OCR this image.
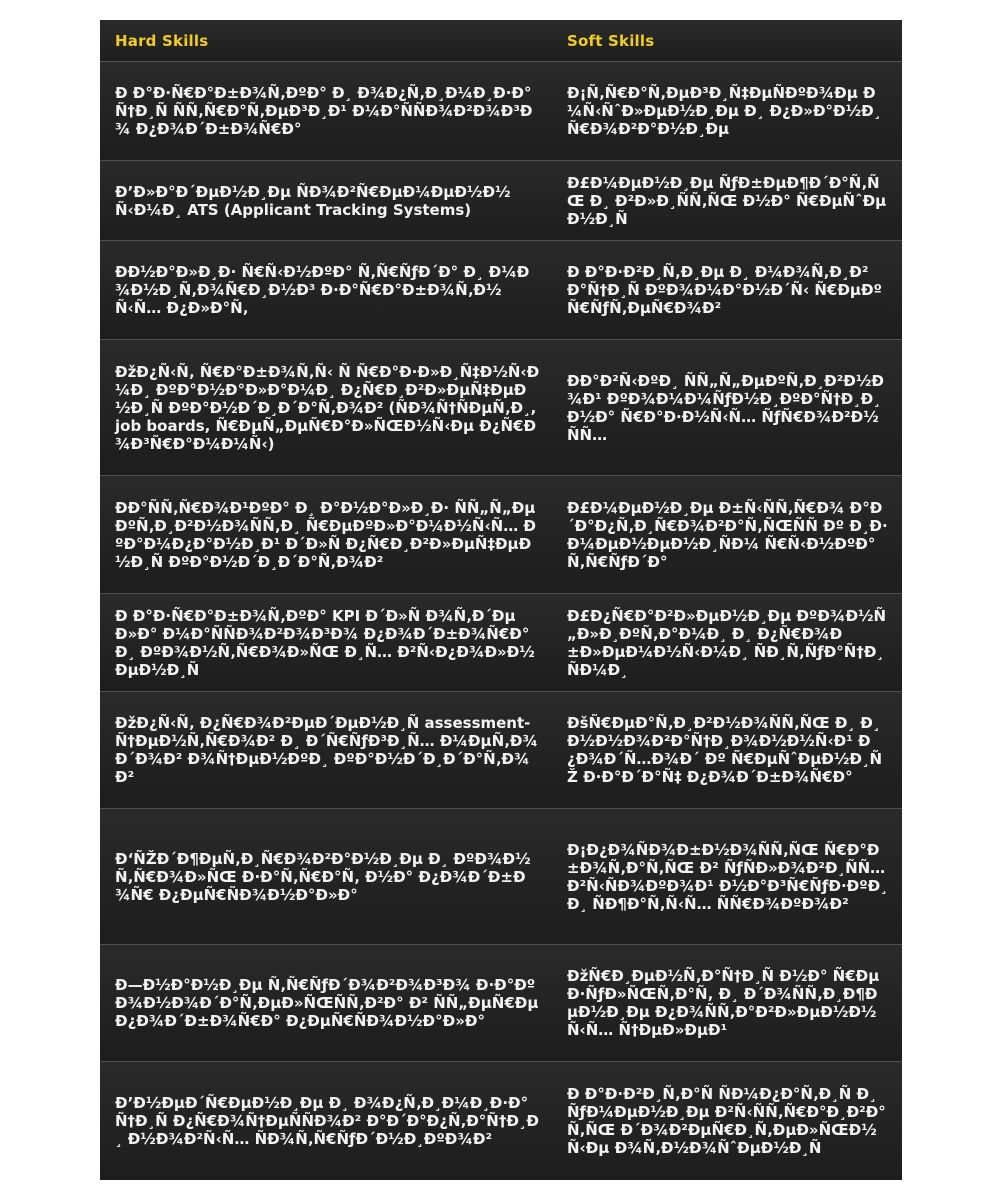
Hard Skills	Soft Skills
Ð Ð°Ð·Ñ€Ð°Ð±Ð¾Ñ‚ÐºÐ° Ð¸ Ð¾Ð¿Ñ‚Ð¸Ð¼Ð¸Ð·Ð°Ñ†Ð¸Ñ ÑÑ‚Ñ€Ð°Ñ‚ÐµÐ³Ð¸Ð¹ Ð¼Ð°ÑÑÐ¾Ð²Ð¾Ð³Ð¾ Ð¿Ð¾Ð´Ð±Ð¾Ñ€Ð°
Ð¡Ñ‚Ñ€Ð°Ñ‚ÐµÐ³Ð¸Ñ‡ÐµÑÐºÐ¾Ðµ Ð¼Ñ‹ÑˆÐ»ÐµÐ½Ð¸Ðµ Ð¸ Ð¿Ð»Ð°Ð½Ð¸Ñ€Ð¾Ð²Ð°Ð½Ð¸Ðµ
Ð’Ð»Ð°Ð´ÐµÐ½Ð¸Ðµ ÑÐ¾Ð²Ñ€ÐµÐ¼ÐµÐ½Ð½Ñ‹Ð¼Ð¸ ATS (Applicant Tracking Systems)
Ð£Ð¼ÐµÐ½Ð¸Ðµ ÑƒÐ±ÐµÐ¶Ð´Ð°Ñ‚ÑŒ Ð¸ Ð²Ð»Ð¸ÑÑ‚ÑŒ Ð½Ð° Ñ€ÐµÑˆÐµÐ½Ð¸Ñ
ÐÐ½Ð°Ð»Ð¸Ð· Ñ€Ñ‹Ð½ÐºÐ° Ñ‚Ñ€ÑƒÐ´Ð° Ð¸ Ð¼Ð¾Ð½Ð¸Ñ‚Ð¾Ñ€Ð¸Ð½Ð³ Ð·Ð°Ñ€Ð°Ð±Ð¾Ñ‚Ð½Ñ‹Ñ… Ð¿Ð»Ð°Ñ‚
Ð Ð°Ð·Ð²Ð¸Ñ‚Ð¸Ðµ Ð¸ Ð¼Ð¾Ñ‚Ð¸Ð²Ð°Ñ†Ð¸Ñ ÐºÐ¾Ð¼Ð°Ð½Ð´Ñ‹ Ñ€ÐµÐºÑ€ÑƒÑ‚ÐµÑ€Ð¾Ð²
ÐžÐ¿Ñ‹Ñ‚ Ñ€Ð°Ð±Ð¾Ñ‚Ñ‹ Ñ Ñ€Ð°Ð·Ð»Ð¸Ñ‡Ð½Ñ‹Ð¼Ð¸ ÐºÐ°Ð½Ð°Ð»Ð°Ð¼Ð¸ Ð¿Ñ€Ð¸Ð²Ð»ÐµÑ‡ÐµÐ½Ð¸Ñ ÐºÐ°Ð½Ð´Ð¸Ð´Ð°Ñ‚Ð¾Ð² (ÑÐ¾Ñ†ÑÐµÑ‚Ð¸, job boards, Ñ€ÐµÑ„ÐµÑ€Ð°Ð»ÑŒÐ½Ñ‹Ðµ Ð¿Ñ€Ð¾Ð³Ñ€Ð°Ð¼Ð¼Ñ‹)
ÐÐ°Ð²Ñ‹ÐºÐ¸ ÑÑ„Ñ„ÐµÐºÑ‚Ð¸Ð²Ð½Ð¾Ð¹ ÐºÐ¾Ð¼Ð¼ÑƒÐ½Ð¸ÐºÐ°Ñ†Ð¸Ð¸ Ð½Ð° Ñ€Ð°Ð·Ð½Ñ‹Ñ… ÑƒÑ€Ð¾Ð²Ð½ÑÑ…
ÐÐ°ÑÑ‚Ñ€Ð¾Ð¹ÐºÐ° Ð¸ Ð°Ð½Ð°Ð»Ð¸Ð· ÑÑ„Ñ„ÐµÐºÑ‚Ð¸Ð²Ð½Ð¾ÑÑ‚Ð¸ Ñ€ÐµÐºÐ»Ð°Ð¼Ð½Ñ‹Ñ… ÐºÐ°Ð¼Ð¿Ð°Ð½Ð¸Ð¹ Ð´Ð»Ñ Ð¿Ñ€Ð¸Ð²Ð»ÐµÑ‡ÐµÐ½Ð¸Ñ ÐºÐ°Ð½Ð´Ð¸Ð´Ð°Ñ‚Ð¾Ð²
Ð£Ð¼ÐµÐ½Ð¸Ðµ Ð±Ñ‹ÑÑ‚Ñ€Ð¾ Ð°Ð´Ð°Ð¿Ñ‚Ð¸Ñ€Ð¾Ð²Ð°Ñ‚ÑŒÑÑ Ðº Ð¸Ð·Ð¼ÐµÐ½ÐµÐ½Ð¸ÑÐ¼ Ñ€Ñ‹Ð½ÐºÐ° Ñ‚Ñ€ÑƒÐ´Ð°
Ð Ð°Ð·Ñ€Ð°Ð±Ð¾Ñ‚ÐºÐ° KPI Ð´Ð»Ñ Ð¾Ñ‚Ð´ÐµÐ»Ð° Ð¼Ð°ÑÑÐ¾Ð²Ð¾Ð³Ð¾ Ð¿Ð¾Ð´Ð±Ð¾Ñ€Ð° Ð¸ ÐºÐ¾Ð½Ñ‚Ñ€Ð¾Ð»ÑŒ Ð¸Ñ… Ð²Ñ‹Ð¿Ð¾Ð»Ð½ÐµÐ½Ð¸Ñ
Ð£Ð¿Ñ€Ð°Ð²Ð»ÐµÐ½Ð¸Ðµ ÐºÐ¾Ð½Ñ„Ð»Ð¸ÐºÑ‚Ð°Ð¼Ð¸ Ð¸ Ð¿Ñ€Ð¾Ð±Ð»ÐµÐ¼Ð½Ñ‹Ð¼Ð¸ ÑÐ¸Ñ‚ÑƒÐ°Ñ†Ð¸ÑÐ¼Ð¸
ÐžÐ¿Ñ‹Ñ‚ Ð¿Ñ€Ð¾Ð²ÐµÐ´ÐµÐ½Ð¸Ñ assessment-Ñ†ÐµÐ½Ñ‚Ñ€Ð¾Ð² Ð¸ Ð´Ñ€ÑƒÐ³Ð¸Ñ… Ð¼ÐµÑ‚Ð¾Ð´Ð¾Ð² Ð¾Ñ†ÐµÐ½ÐºÐ¸ ÐºÐ°Ð½Ð´Ð¸Ð´Ð°Ñ‚Ð¾Ð²
ÐšÑ€ÐµÐ°Ñ‚Ð¸Ð²Ð½Ð¾ÑÑ‚ÑŒ Ð¸ Ð¸Ð½Ð½Ð¾Ð²Ð°Ñ†Ð¸Ð¾Ð½Ð½Ñ‹Ð¹ Ð¿Ð¾Ð´Ñ…Ð¾Ð´ Ðº Ñ€ÐµÑˆÐµÐ½Ð¸ÑŽ Ð·Ð°Ð´Ð°Ñ‡ Ð¿Ð¾Ð´Ð±Ð¾Ñ€Ð°
Ð‘ÑŽÐ´Ð¶ÐµÑ‚Ð¸Ñ€Ð¾Ð²Ð°Ð½Ð¸Ðµ Ð¸ ÐºÐ¾Ð½Ñ‚Ñ€Ð¾Ð»ÑŒ Ð·Ð°Ñ‚Ñ€Ð°Ñ‚ Ð½Ð° Ð¿Ð¾Ð´Ð±Ð¾Ñ€ Ð¿ÐµÑ€ÑÐ¾Ð½Ð°Ð»Ð°
Ð¡Ð¿Ð¾ÑÐ¾Ð±Ð½Ð¾ÑÑ‚ÑŒ Ñ€Ð°Ð±Ð¾Ñ‚Ð°Ñ‚ÑŒ Ð² ÑƒÑÐ»Ð¾Ð²Ð¸ÑÑ… Ð²Ñ‹ÑÐ¾ÐºÐ¾Ð¹ Ð½Ð°Ð³Ñ€ÑƒÐ·ÐºÐ¸ Ð¸ ÑÐ¶Ð°Ñ‚Ñ‹Ñ… ÑÑ€Ð¾ÐºÐ¾Ð²
Ð—Ð½Ð°Ð½Ð¸Ðµ Ñ‚Ñ€ÑƒÐ´Ð¾Ð²Ð¾Ð³Ð¾ Ð·Ð°ÐºÐ¾Ð½Ð¾Ð´Ð°Ñ‚ÐµÐ»ÑŒÑÑ‚Ð²Ð° Ð² ÑÑ„ÐµÑ€Ðµ Ð¿Ð¾Ð´Ð±Ð¾Ñ€Ð° Ð¿ÐµÑ€ÑÐ¾Ð½Ð°Ð»Ð°
ÐžÑ€Ð¸ÐµÐ½Ñ‚Ð°Ñ†Ð¸Ñ Ð½Ð° Ñ€ÐµÐ·ÑƒÐ»ÑŒÑ‚Ð°Ñ‚ Ð¸ Ð´Ð¾ÑÑ‚Ð¸Ð¶ÐµÐ½Ð¸Ðµ Ð¿Ð¾ÑÑ‚Ð°Ð²Ð»ÐµÐ½Ð½Ñ‹Ñ… Ñ†ÐµÐ»ÐµÐ¹
Ð’Ð½ÐµÐ´Ñ€ÐµÐ½Ð¸Ðµ Ð¸ Ð¾Ð¿Ñ‚Ð¸Ð¼Ð¸Ð·Ð°Ñ†Ð¸Ñ Ð¿Ñ€Ð¾Ñ†ÐµÑÑÐ¾Ð² Ð°Ð´Ð°Ð¿Ñ‚Ð°Ñ†Ð¸Ð¸ Ð½Ð¾Ð²Ñ‹Ñ… ÑÐ¾Ñ‚Ñ€ÑƒÐ´Ð½Ð¸ÐºÐ¾Ð²
Ð Ð°Ð·Ð²Ð¸Ñ‚Ð°Ñ ÑÐ¼Ð¿Ð°Ñ‚Ð¸Ñ Ð¸ ÑƒÐ¼ÐµÐ½Ð¸Ðµ Ð²Ñ‹ÑÑ‚Ñ€Ð°Ð¸Ð²Ð°Ñ‚ÑŒ Ð´Ð¾Ð²ÐµÑ€Ð¸Ñ‚ÐµÐ»ÑŒÐ½Ñ‹Ðµ Ð¾Ñ‚Ð½Ð¾ÑˆÐµÐ½Ð¸Ñ
